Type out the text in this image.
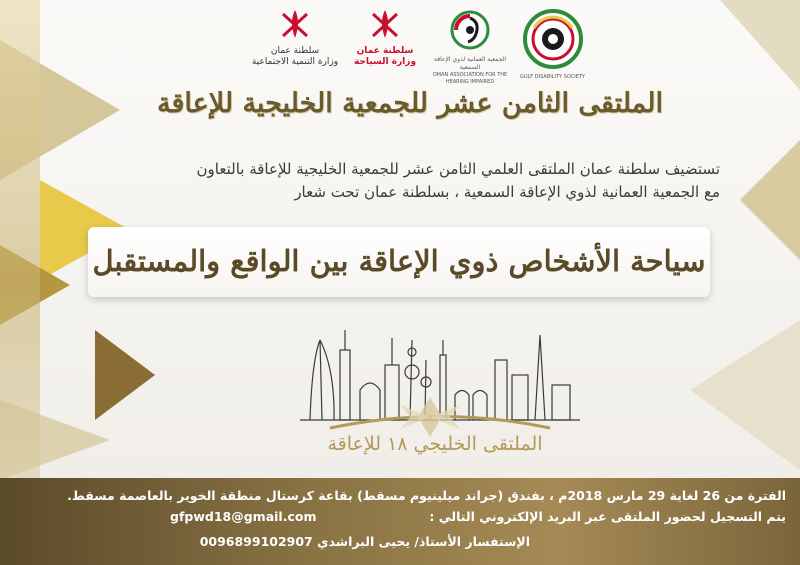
سلطنة عمان
وزارة التنمية الاجتماعية
سلطنة عمان
وزارة السياحة	الجمعية العمانية لذوي الإعاقة السمعية
OMAN ASSOCIATION FOR THE HEARING IMPAIRED
GULF DISABILITY SOCIETY
الملتقى الثامن عشر للجمعية الخليجية للإعاقة
تستضيف سلطنة عمان الملتقى العلمي الثامن عشر للجمعية الخليجية للإعاقة بالتعاون
مع الجمعية العمانية لذوي الإعاقة السمعية ، بسلطنة عمان تحت شعار
سياحة الأشخاص ذوي الإعاقة بين الواقع والمستقبل
الملتقى الخليجي ١٨ للإعاقة
الفترة من 26 لغاية 29 مارس 2018م ، بفندق (جراند ميلينيوم مسقط) بقاعة كرستال منطقة الخوير بالعاصمة مسقط.
يتم التسجيل لحضور الملتقى عبر البريد الإلكتروني التالي :
gfpwd18@gmail.com
الإستفسار الأستاذ/ يحيى البراشدي 0096899102907
